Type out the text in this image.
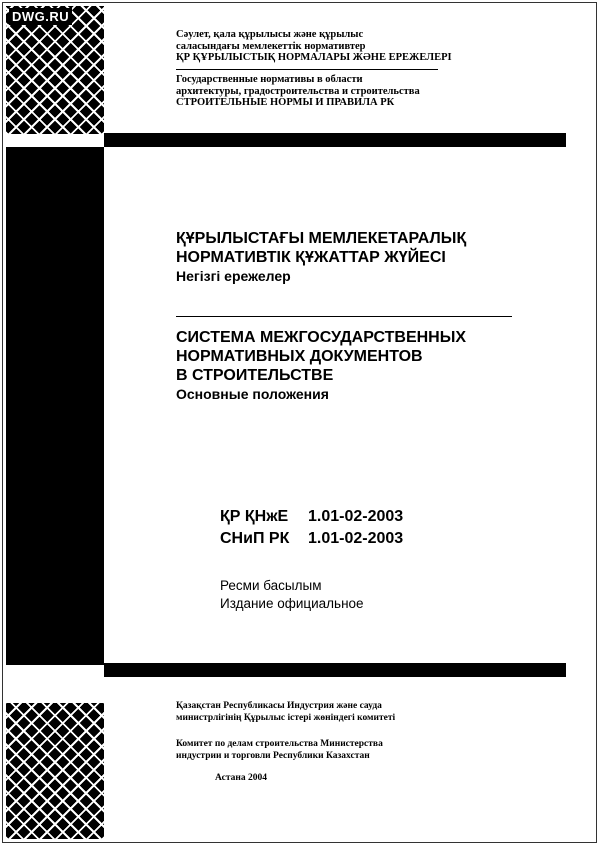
DWG.RU
Сәулет, қала құрылысы және құрылыс
саласындағы мемлекеттік нормативтер
ҚР ҚҰРЫЛЫСТЫҚ НОРМАЛАРЫ ЖӘНЕ ЕРЕЖЕЛЕРІ
Государственные нормативы в области
архитектуры, градостроительства и строительства
СТРОИТЕЛЬНЫЕ НОРМЫ И ПРАВИЛА РК
ҚҰРЫЛЫСТАҒЫ МЕМЛЕКЕТАРАЛЫҚ
НОРМАТИВТІК ҚҰЖАТТАР ЖҮЙЕСІ
Негізгі ережелер
СИСТЕМА МЕЖГОСУДАРСТВЕННЫХ
НОРМАТИВНЫХ ДОКУМЕНТОВ
В СТРОИТЕЛЬСТВЕ
Основные положения
ҚР ҚНжЕ 1.01-02-2003
СНиП РК 1.01-02-2003
Ресми басылым
Издание официальное
Қазақстан Республикасы Индустрия және сауда
министрлігінің Құрылыс істері жөніндегі комитеті
Комитет по делам строительства Министерства
индустрии и торговли Республики Казахстан
Астана 2004
